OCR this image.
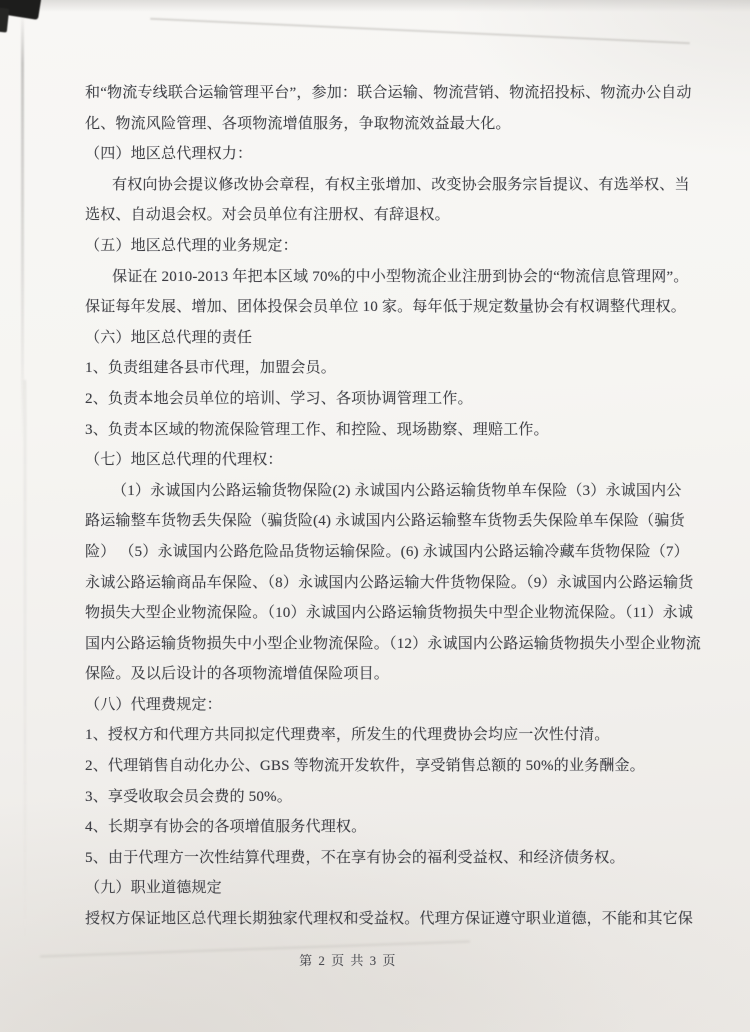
和“物流专线联合运输管理平台”，参加：联合运输、物流营销、物流招投标、物流办公自动
化、物流风险管理、各项物流增值服务，争取物流效益最大化。
（四）地区总代理权力：
有权向协会提议修改协会章程，有权主张增加、改变协会服务宗旨提议、有选举权、当
选权、自动退会权。对会员单位有注册权、有辞退权。
（五）地区总代理的业务规定：
保证在 2010-2013 年把本区域 70%的中小型物流企业注册到协会的“物流信息管理网”。
保证每年发展、增加、团体投保会员单位 10 家。每年低于规定数量协会有权调整代理权。
（六）地区总代理的责任
1、负责组建各县市代理，加盟会员。
2、负责本地会员单位的培训、学习、各项协调管理工作。
3、负责本区域的物流保险管理工作、和控险、现场勘察、理赔工作。
（七）地区总代理的代理权：
（1）永诚国内公路运输货物保险(2) 永诚国内公路运输货物单车保险（3）永诚国内公
路运输整车货物丢失保险（骗货险(4) 永诚国内公路运输整车货物丢失保险单车保险（骗货
险） （5）永诚国内公路危险品货物运输保险。(6) 永诚国内公路运输冷藏车货物保险（7）
永诚公路运输商品车保险、（8）永诚国内公路运输大件货物保险。（9）永诚国内公路运输货
物损失大型企业物流保险。（10）永诚国内公路运输货物损失中型企业物流保险。（11）永诚
国内公路运输货物损失中小型企业物流保险。（12）永诚国内公路运输货物损失小型企业物流
保险。及以后设计的各项物流增值保险项目。
（八）代理费规定：
1、授权方和代理方共同拟定代理费率，所发生的代理费协会均应一次性付清。
2、代理销售自动化办公、GBS 等物流开发软件，享受销售总额的 50%的业务酬金。
3、享受收取会员会费的 50%。
4、长期享有协会的各项增值服务代理权。
5、由于代理方一次性结算代理费，不在享有协会的福利受益权、和经济债务权。
（九）职业道德规定
授权方保证地区总代理长期独家代理权和受益权。代理方保证遵守职业道德，不能和其它保
第 2 页 共 3 页
